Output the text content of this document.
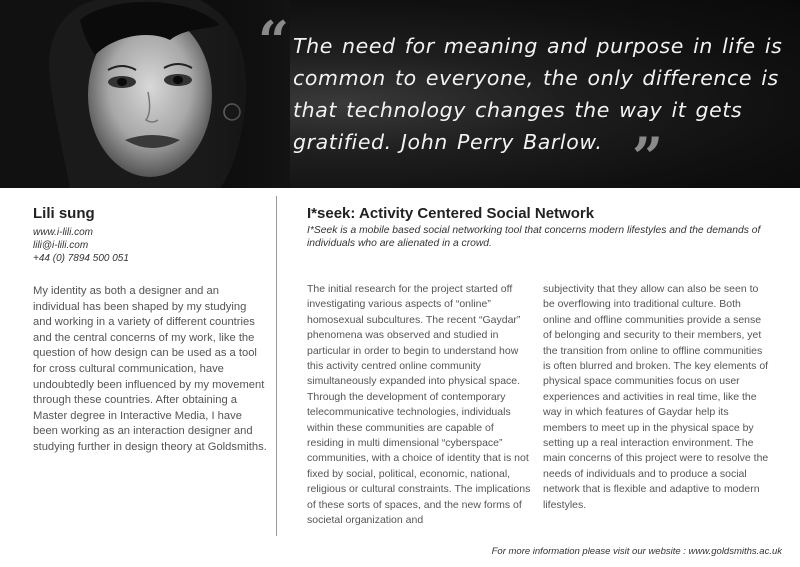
“ The need for meaning and purpose in life is common to everyone, the only difference is that technology changes the way it gets gratified. John Perry Barlow. ”
Lili sung
www.i-lili.com
lili@i-lili.com
+44 (0) 7894 500 051
My identity as both a designer and an individual has been shaped by my studying and working in a variety of different countries and the central concerns of my work, like the question of how design can be used as a tool for cross cultural communication, have undoubtedly been influenced by my movement through these countries. After obtaining a Master degree in Interactive Media, I have been working as an interaction designer and studying further in design theory at Goldsmiths.
I*seek: Activity Centered Social Network
I*Seek is a mobile based social networking tool that concerns modern lifestyles and the demands of individuals who are alienated in a crowd.
The initial research for the project started off investigating various aspects of “online” homosexual subcultures. The recent “Gaydar” phenomena was observed and studied in particular in order to begin to understand how this activity centred online community simultaneously expanded into physical space. Through the development of contemporary telecommunicative technologies, individuals within these communities are capable of residing in multi dimensional “cyberspace” communities, with a choice of identity that is not fixed by social, political, economic, national, religious or cultural constraints. The implications of these sorts of spaces, and the new forms of societal organization and
subjectivity that they allow can also be seen to be overflowing into traditional culture. Both online and offline communities provide a sense of belonging and security to their members, yet the transition from online to offline communities is often blurred and broken. The key elements of physical space communities focus on user experiences and activities in real time, like the way in which features of Gaydar help its members to meet up in the physical space by setting up a real interaction environment. The main concerns of this project were to resolve the needs of individuals and to produce a social network that is flexible and adaptive to modern lifestyles.
For more information please visit our website : www.goldsmiths.ac.uk
